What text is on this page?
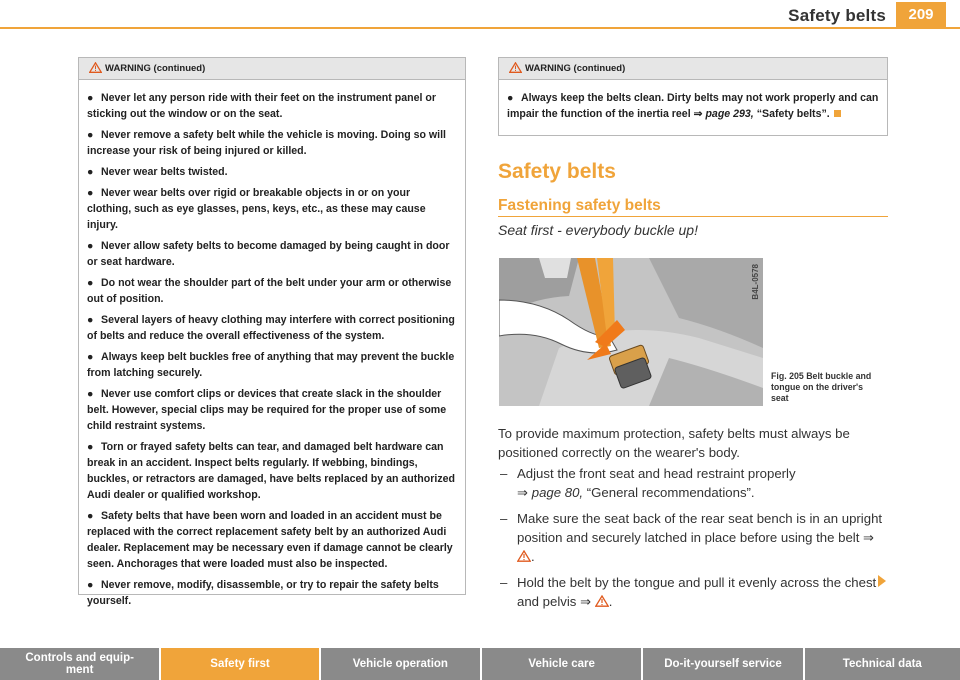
Safety belts	209
WARNING (continued)
● Never let any person ride with their feet on the instrument panel or sticking out the window or on the seat.
● Never remove a safety belt while the vehicle is moving. Doing so will increase your risk of being injured or killed.
● Never wear belts twisted.
● Never wear belts over rigid or breakable objects in or on your clothing, such as eye glasses, pens, keys, etc., as these may cause injury.
● Never allow safety belts to become damaged by being caught in door or seat hardware.
● Do not wear the shoulder part of the belt under your arm or otherwise out of position.
● Several layers of heavy clothing may interfere with correct positioning of belts and reduce the overall effectiveness of the system.
● Always keep belt buckles free of anything that may prevent the buckle from latching securely.
● Never use comfort clips or devices that create slack in the shoulder belt. However, special clips may be required for the proper use of some child restraint systems.
● Torn or frayed safety belts can tear, and damaged belt hardware can break in an accident. Inspect belts regularly. If webbing, bindings, buckles, or retractors are damaged, have belts replaced by an authorized Audi dealer or qualified workshop.
● Safety belts that have been worn and loaded in an accident must be replaced with the correct replacement safety belt by an authorized Audi dealer. Replacement may be necessary even if damage cannot be clearly seen. Anchorages that were loaded must also be inspected.
● Never remove, modify, disassemble, or try to repair the safety belts yourself.
WARNING (continued)
● Always keep the belts clean. Dirty belts may not work properly and can impair the function of the inertia reel ⇒ page 293, “Safety belts”.
Safety belts
Fastening safety belts
Seat first - everybody buckle up!
B4L-0578
Fig. 205 Belt buckle and tongue on the driver's seat
To provide maximum protection, safety belts must always be positioned correctly on the wearer's body.
– Adjust the front seat and head restraint properly
⇒ page 80, “General recommendations”.
– Make sure the seat back of the rear seat bench is in an upright position and securely latched in place before using the belt ⇒ .
– Hold the belt by the tongue and pull it evenly across the chest and pelvis ⇒ .
Controls and equip-
ment	Safety first	Vehicle operation	Vehicle care	Do-it-yourself service	Technical data
